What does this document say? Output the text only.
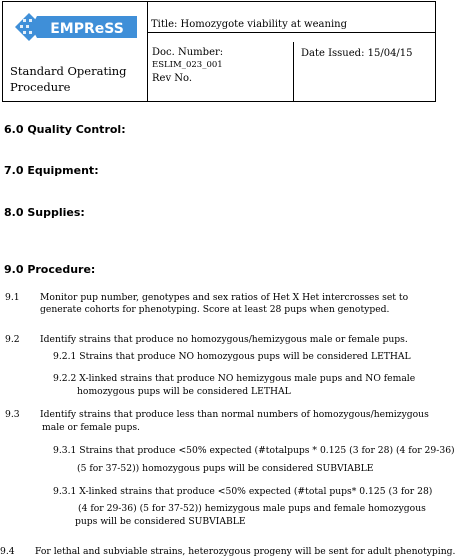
EMPReSS	Title: Homozygote viability at weaning
Standard Operating Procedure
Doc. Number:
ESLIM_023_001
Rev No.
Date Issued: 15/04/15
6.0 Quality Control:
7.0 Equipment:
8.0 Supplies:
9.0 Procedure:
9.1 Monitor pup number, genotypes and sex ratios of Het X Het intercrosses set to
generate cohorts for phenotyping. Score at least 28 pups when genotyped.
9.2 Identify strains that produce no homozygous/hemizygous male or female pups.
9.2.1 Strains that produce NO homozygous pups will be considered LETHAL
9.2.2 X-linked strains that produce NO hemizygous male pups and NO female
homozygous pups will be considered LETHAL
9.3 Identify strains that produce less than normal numbers of homozygous/hemizygous
male or female pups.
9.3.1 Strains that produce <50% expected (#totalpups * 0.125 (3 for 28) (4 for 29-36)
(5 for 37-52)) homozygous pups will be considered SUBVIABLE
9.3.1 X-linked strains that produce <50% expected (#total pups* 0.125 (3 for 28)
(4 for 29-36) (5 for 37-52)) hemizygous male pups and female homozygous
pups will be considered SUBVIABLE
9.4 For lethal and subviable strains, heterozygous progeny will be sent for adult phenotyping.
